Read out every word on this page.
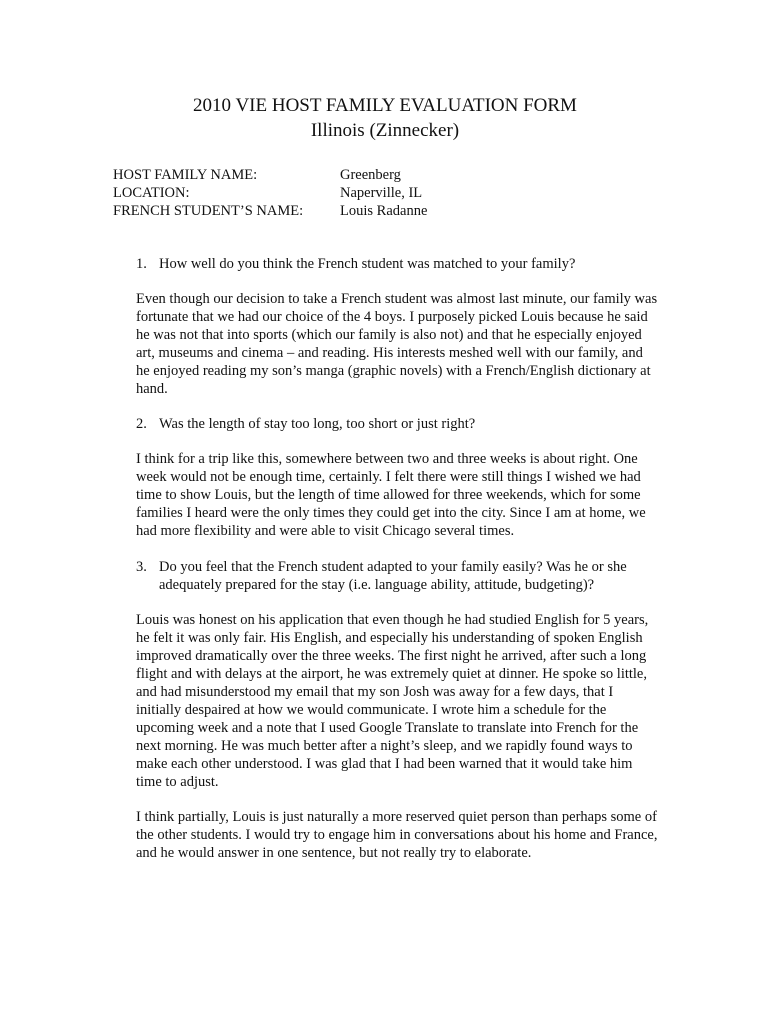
2010 VIE HOST FAMILY EVALUATION FORM
Illinois (Zinnecker)
HOST FAMILY NAME:	Greenberg
LOCATION:	Naperville, IL
FRENCH STUDENT’S NAME:	Louis Radanne
1. How well do you think the French student was matched to your family?

Even though our decision to take a French student was almost last minute, our family was fortunate that we had our choice of the 4 boys. I purposely picked Louis because he said he was not that into sports (which our family is also not) and that he especially enjoyed art, museums and cinema – and reading. His interests meshed well with our family, and he enjoyed reading my son’s manga (graphic novels) with a French/English dictionary at hand.

2. Was the length of stay too long, too short or just right?

I think for a trip like this, somewhere between two and three weeks is about right. One week would not be enough time, certainly. I felt there were still things I wished we had time to show Louis, but the length of time allowed for three weekends, which for some families I heard were the only times they could get into the city. Since I am at home, we had more flexibility and were able to visit Chicago several times.

3. Do you feel that the French student adapted to your family easily? Was he or she adequately prepared for the stay (i.e. language ability, attitude, budgeting)?

Louis was honest on his application that even though he had studied English for 5 years, he felt it was only fair. His English, and especially his understanding of spoken English improved dramatically over the three weeks. The first night he arrived, after such a long flight and with delays at the airport, he was extremely quiet at dinner. He spoke so little, and had misunderstood my email that my son Josh was away for a few days, that I initially despaired at how we would communicate. I wrote him a schedule for the upcoming week and a note that I used Google Translate to translate into French for the next morning. He was much better after a night’s sleep, and we rapidly found ways to make each other understood. I was glad that I had been warned that it would take him time to adjust.

I think partially, Louis is just naturally a more reserved quiet person than perhaps some of the other students. I would try to engage him in conversations about his home and France, and he would answer in one sentence, but not really try to elaborate.
